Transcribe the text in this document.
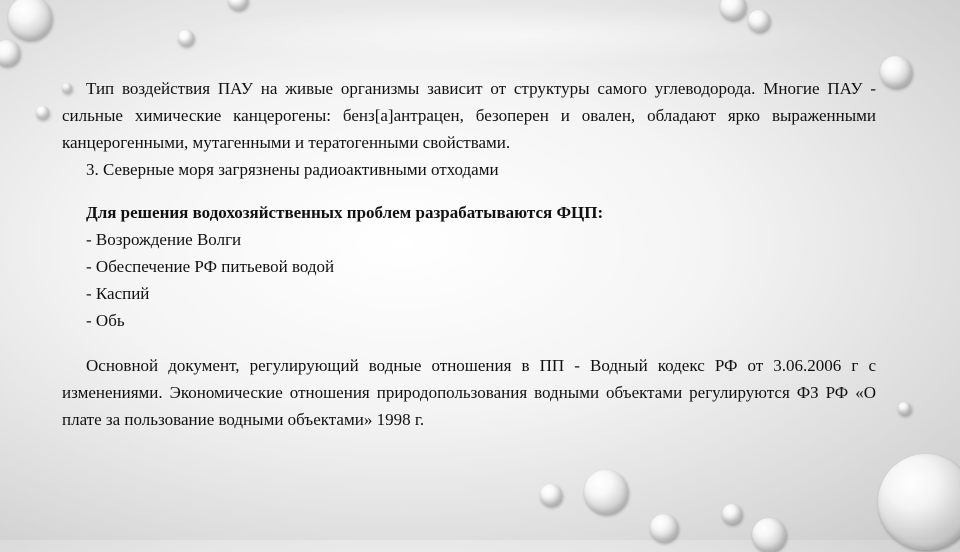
Тип воздействия ПАУ на живые организмы зависит от структуры самого углеводорода. Многие ПАУ - сильные химические канцерогены: бенз[а]антрацен, безоперен и овален, обладают ярко выраженными канцерогенными, мутагенными и тератогенными свойствами.

3. Северные моря загрязнены радиоактивными отходами

Для решения водохозяйственных проблем разрабатываются ФЦП:

- Возрождение Волги

- Обеспечение РФ питьевой водой

- Каспий

- Обь

Основной документ, регулирующий водные отношения в ПП - Водный кодекс РФ от 3.06.2006 г с изменениями. Экономические отношения природопользования водными объектами регулируются ФЗ РФ «О плате за пользование водными объектами» 1998 г.
